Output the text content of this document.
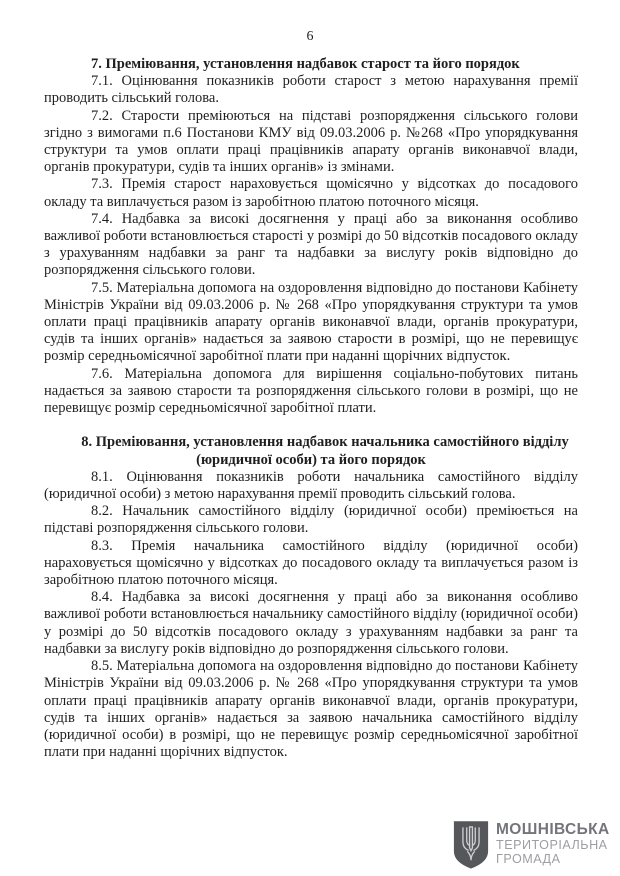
6

7. Преміювання, установлення надбавок старост та його порядок

7.1. Оцінювання показників роботи старост з метою нарахування премії проводить сільський голова.

7.2. Старости преміюються на підставі розпорядження сільського голови згідно з вимогами п.6 Постанови КМУ від 09.03.2006 р. №268 «Про упорядкування структури та умов оплати праці працівників апарату органів виконавчої влади, органів прокуратури, судів та інших органів» із змінами.

7.3. Премія старост нараховується щомісячно у відсотках до посадового окладу та виплачується разом із заробітною платою поточного місяця.

7.4. Надбавка за високі досягнення у праці або за виконання особливо важливої роботи встановлюється старості у розмірі до 50 відсотків посадового окладу з урахуванням надбавки за ранг та надбавки за вислугу років відповідно до розпорядження сільського голови.

7.5. Матеріальна допомога на оздоровлення відповідно до постанови Кабінету Міністрів України від 09.03.2006 р. № 268 «Про упорядкування структури та умов оплати праці працівників апарату органів виконавчої влади, органів прокуратури, судів та інших органів» надається за заявою старости в розмірі, що не перевищує розмір середньомісячної заробітної плати при наданні щорічних відпусток.

7.6. Матеріальна допомога для вирішення соціально-побутових питань надається за заявою старости та розпорядження сільського голови в розмірі, що не перевищує розмір середньомісячної заробітної плати.

8. Преміювання, установлення надбавок начальника самостійного відділу (юридичної особи) та його порядок

8.1. Оцінювання показників роботи начальника самостійного відділу (юридичної особи) з метою нарахування премії проводить сільський голова.

8.2. Начальник самостійного відділу (юридичної особи) преміюється на підставі розпорядження сільського голови.

8.3. Премія начальника самостійного відділу (юридичної особи) нараховується щомісячно у відсотках до посадового окладу та виплачується разом із заробітною платою поточного місяця.

8.4. Надбавка за високі досягнення у праці або за виконання особливо важливої роботи встановлюється начальнику самостійного відділу (юридичної особи) у розмірі до 50 відсотків посадового окладу з урахуванням надбавки за ранг та надбавки за вислугу років відповідно до розпорядження сільського голови.

8.5. Матеріальна допомога на оздоровлення відповідно до постанови Кабінету Міністрів України від 09.03.2006 р. № 268 «Про упорядкування структури та умов оплати праці працівників апарату органів виконавчої влади, органів прокуратури, судів та інших органів» надається за заявою начальника самостійного відділу (юридичної особи) в розмірі, що не перевищує розмір середньомісячної заробітної плати при наданні щорічних відпусток.

МОШНІВСЬКА
ТЕРИТОРІАЛЬНА
ГРОМАДА
